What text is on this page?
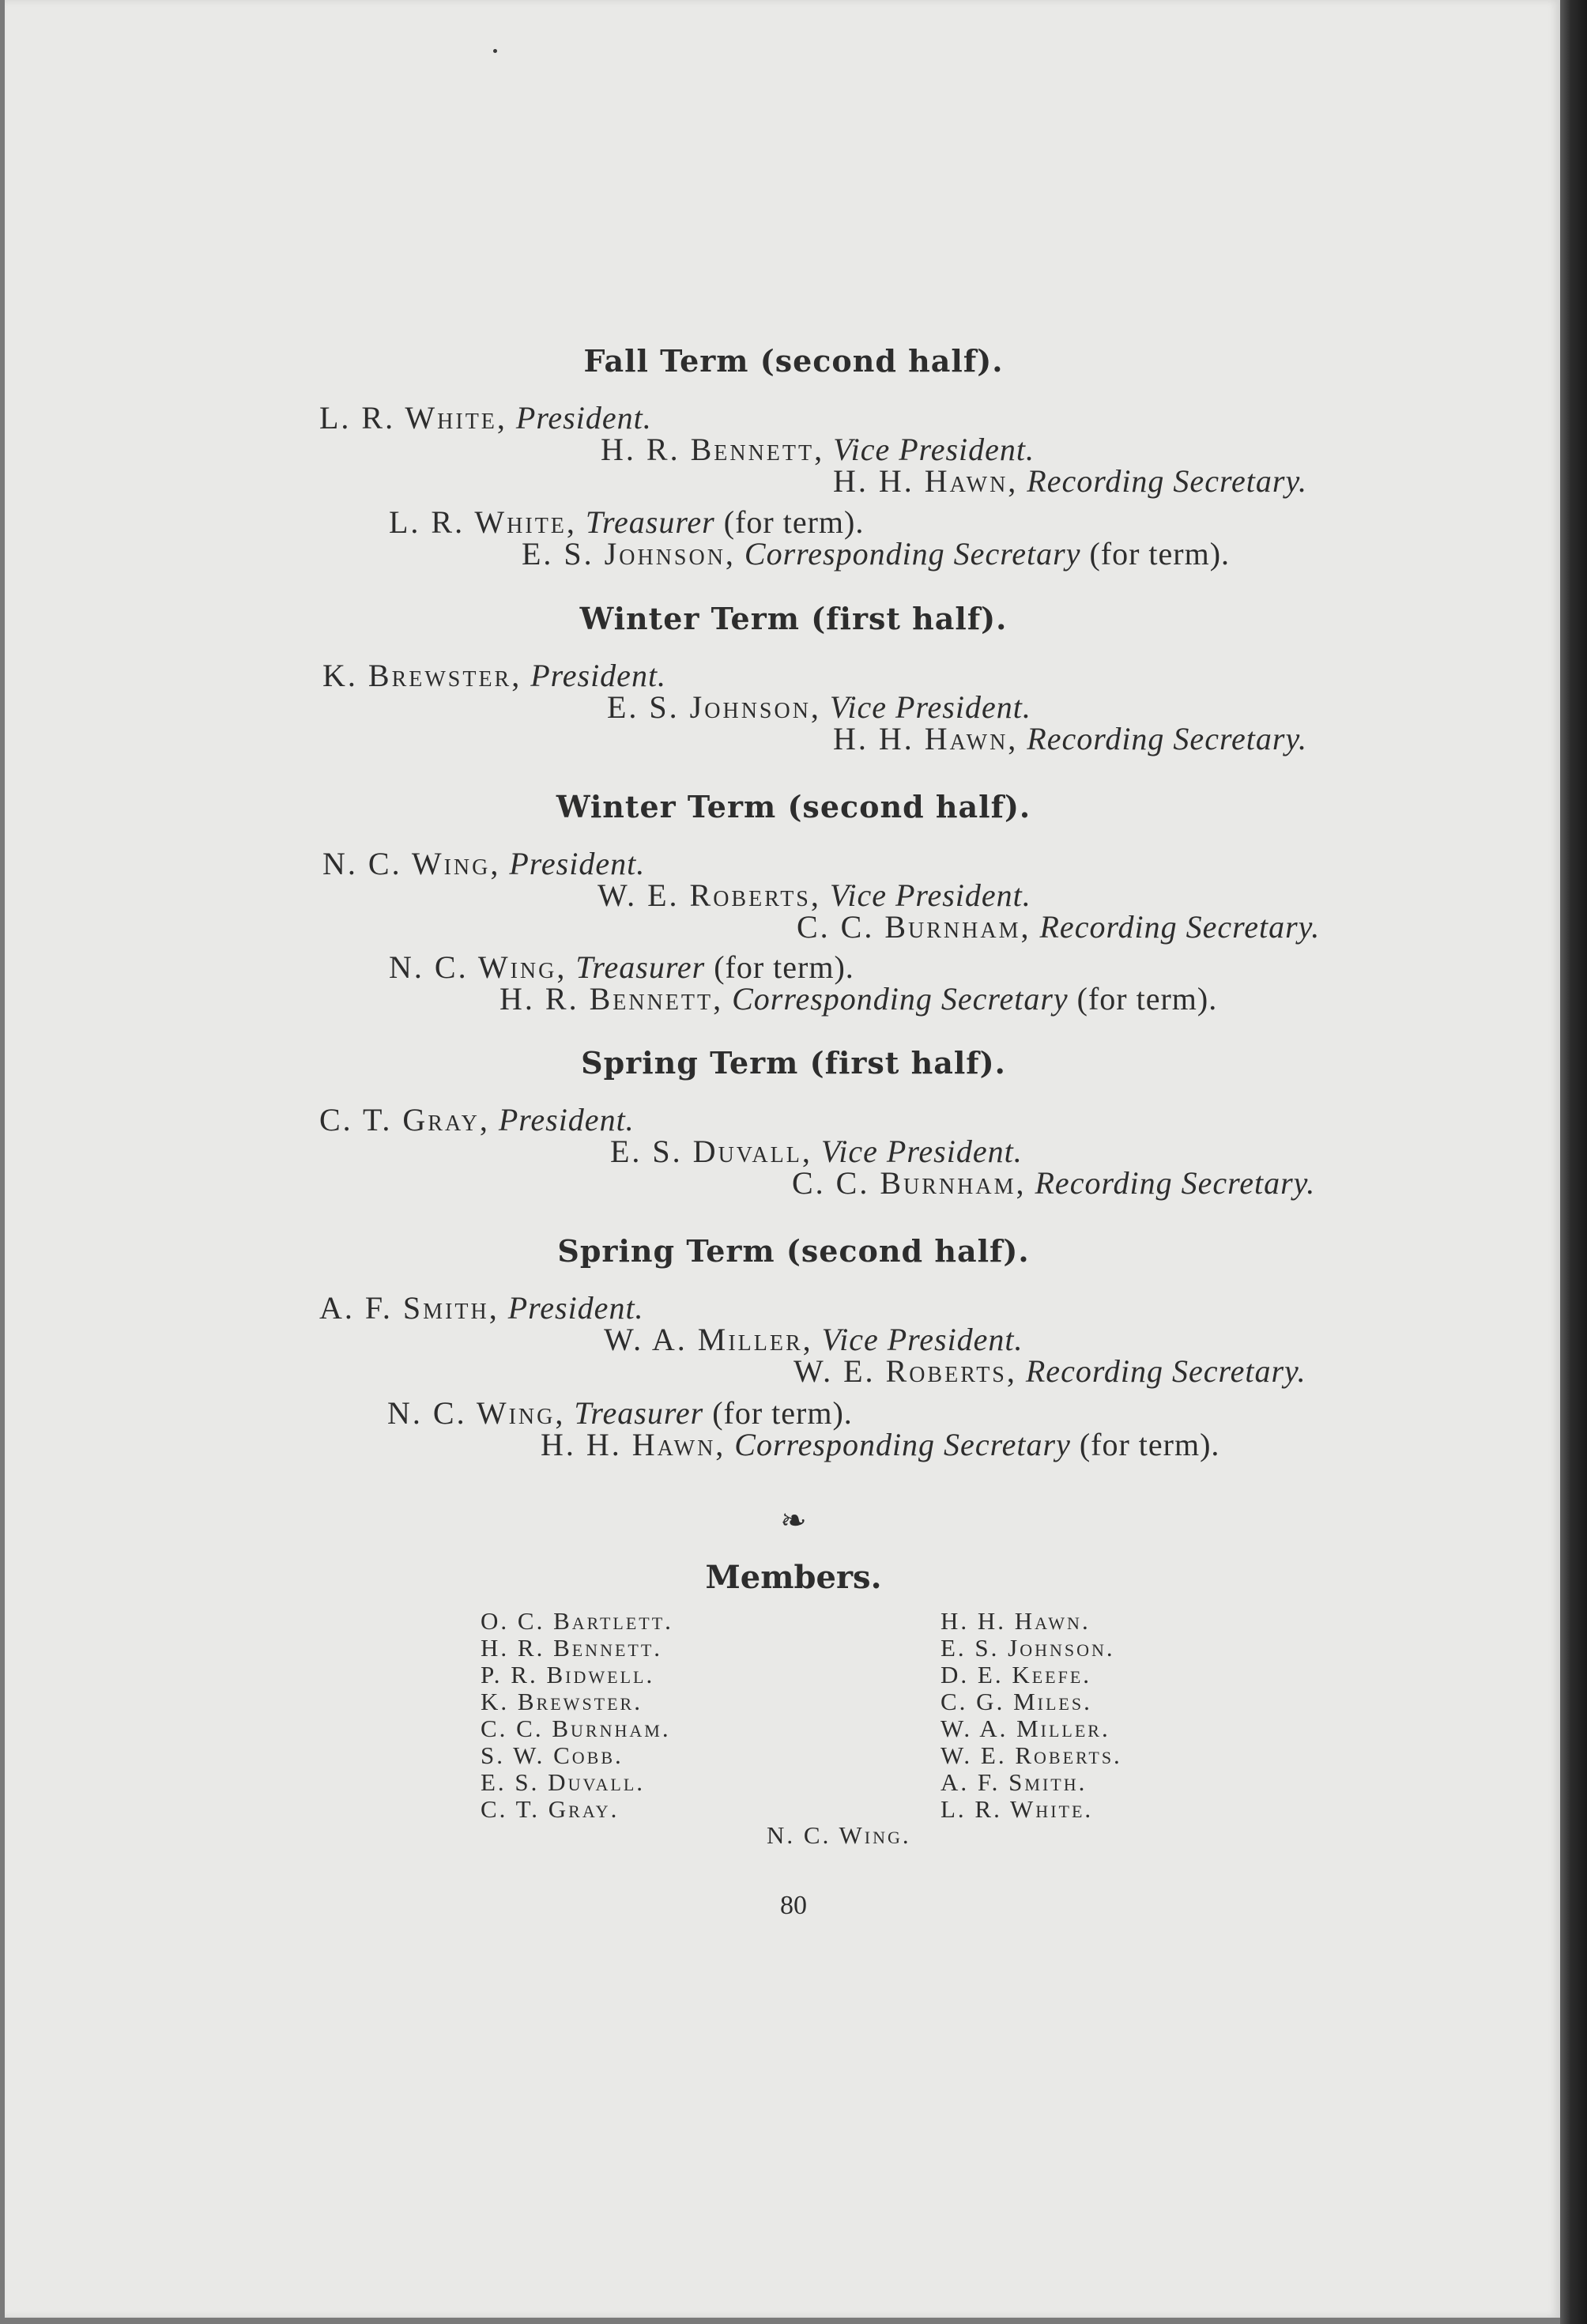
Fall Term (second half).
L. R. White, President.
H. R. Bennett, Vice President.
H. H. Hawn, Recording Secretary.
L. R. White, Treasurer (for term).
E. S. Johnson, Corresponding Secretary (for term).
Winter Term (first half).
K. Brewster, President.
E. S. Johnson, Vice President.
H. H. Hawn, Recording Secretary.
Winter Term (second half).
N. C. Wing, President.
W. E. Roberts, Vice President.
C. C. Burnham, Recording Secretary.
N. C. Wing, Treasurer (for term).
H. R. Bennett, Corresponding Secretary (for term).
Spring Term (first half).
C. T. Gray, President.
E. S. Duvall, Vice President.
C. C. Burnham, Recording Secretary.
Spring Term (second half).
A. F. Smith, President.
W. A. Miller, Vice President.
W. E. Roberts, Recording Secretary.
N. C. Wing, Treasurer (for term).
H. H. Hawn, Corresponding Secretary (for term).
❧
Members.
O. C. Bartlett.
H. R. Bennett.
P. R. Bidwell.
K. Brewster.
C. C. Burnham.
S. W. Cobb.
E. S. Duvall.
C. T. Gray.
H. H. Hawn.
E. S. Johnson.
D. E. Keefe.
C. G. Miles.
W. A. Miller.
W. E. Roberts.
A. F. Smith.
L. R. White.
N. C. Wing.
80
